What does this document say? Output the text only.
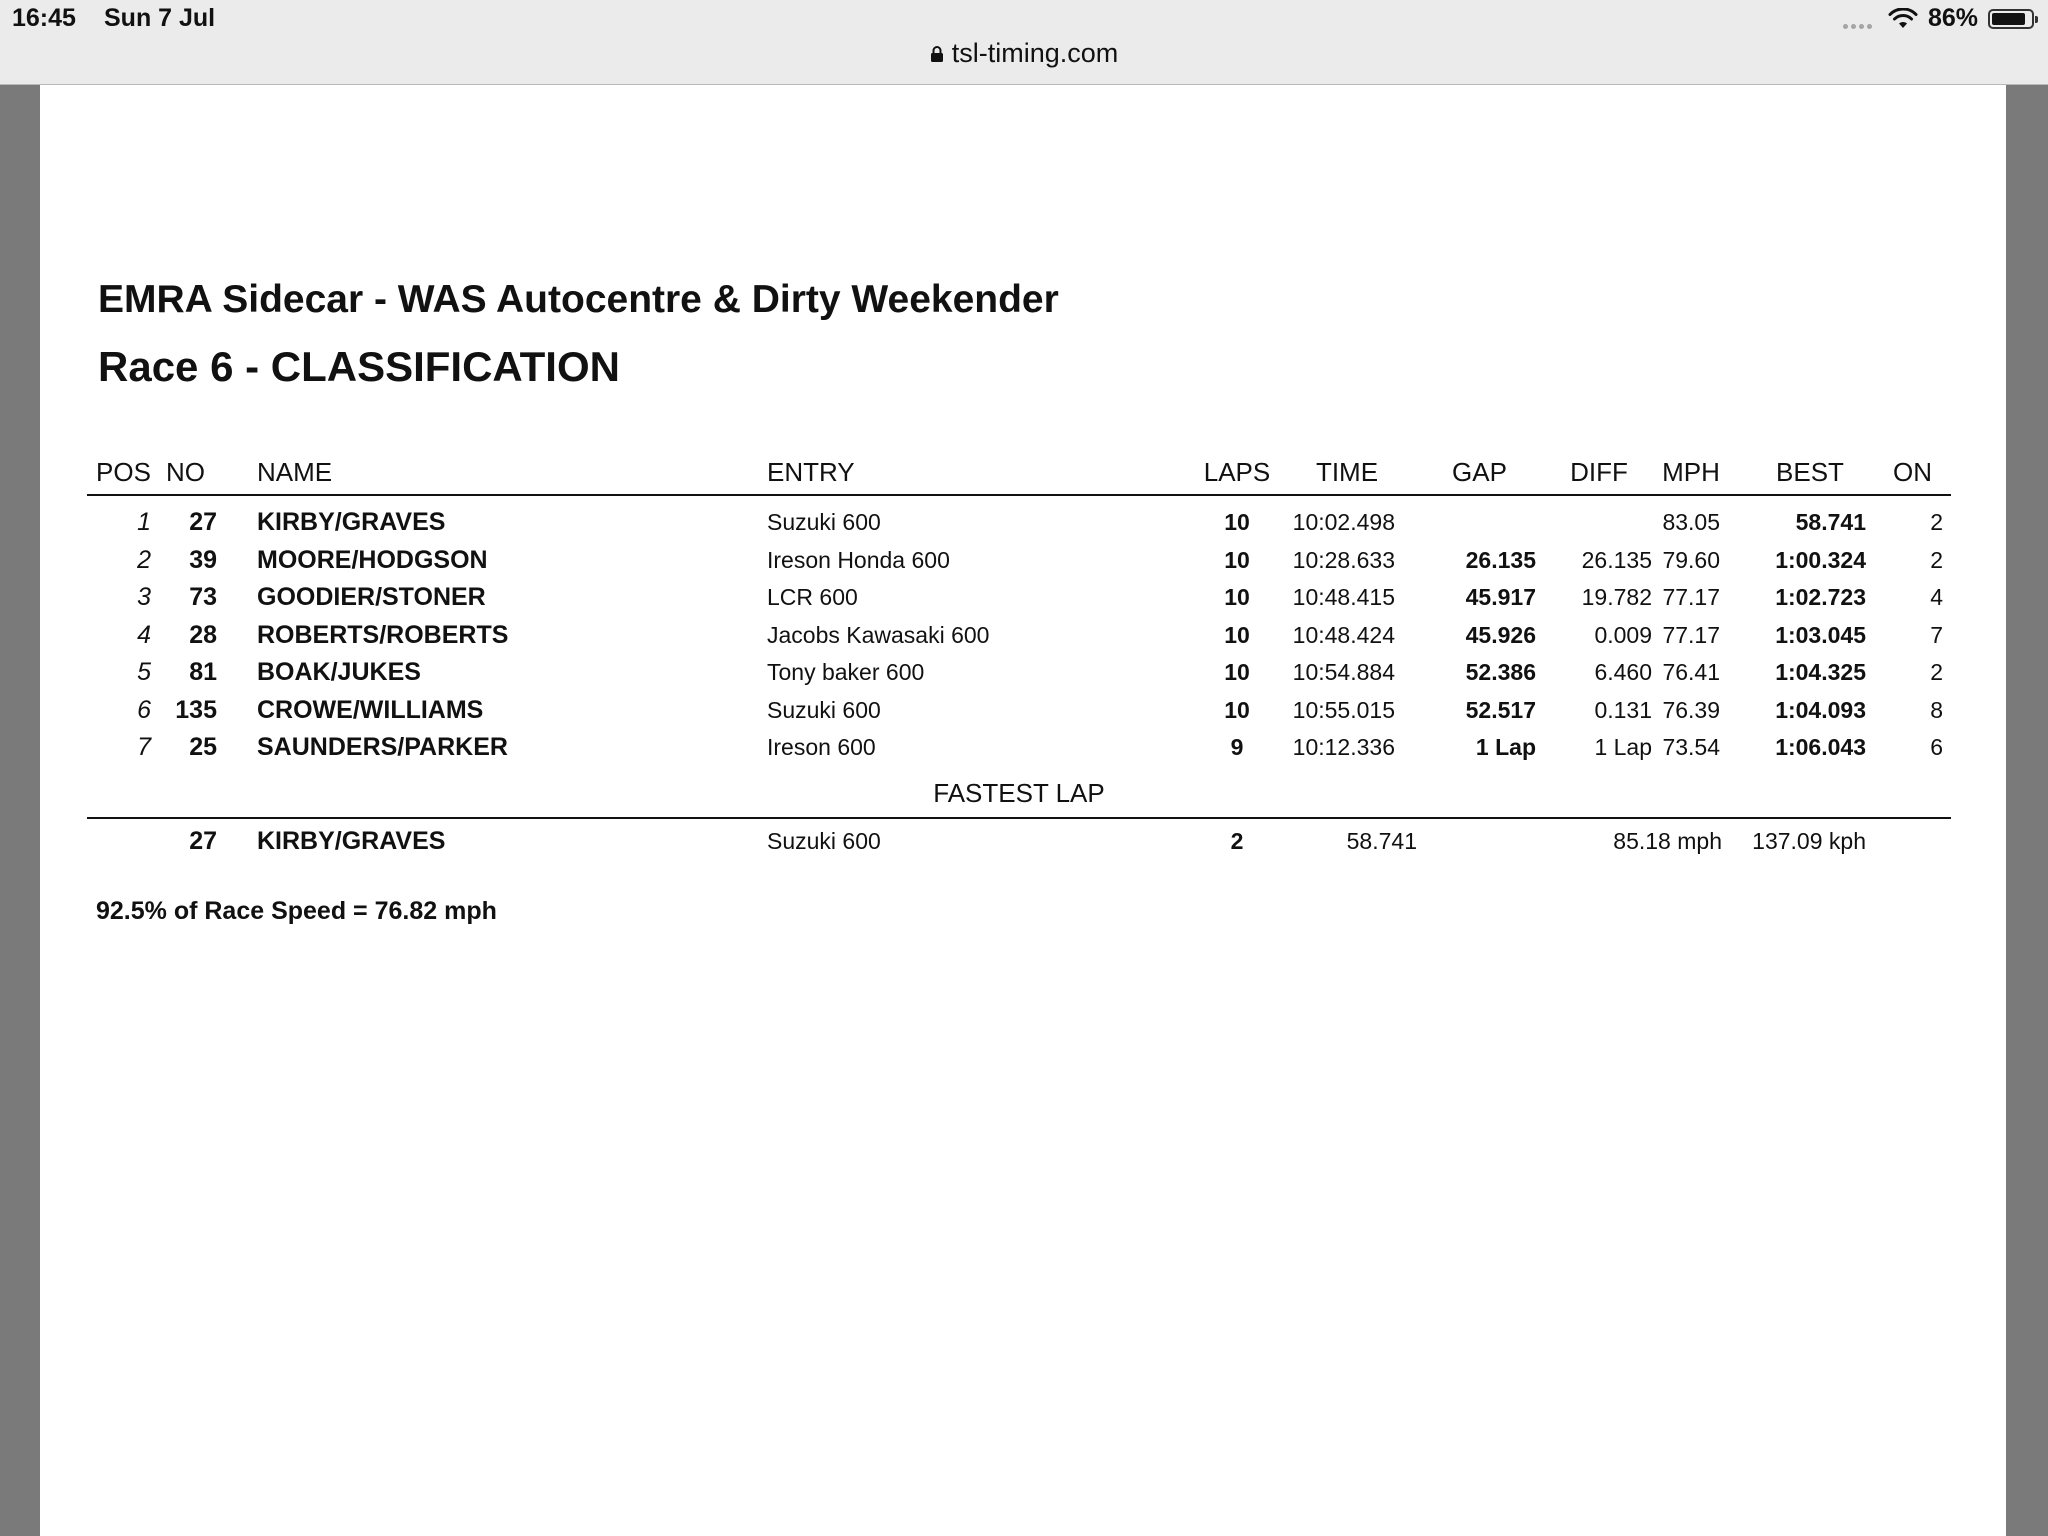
16:45 Sun 7 Jul	86%
tsl-timing.com
EMRA Sidecar - WAS Autocentre & Dirty Weekender
Race 6 - CLASSIFICATION
POS	NO	NAME	ENTRY	LAPS	TIME	GAP	DIFF	MPH	BEST	ON
1	27	KIRBY/GRAVES	Suzuki 600	10	10:02.498			83.05	58.741	2
2	39	MOORE/HODGSON	Ireson Honda 600	10	10:28.633	26.135	26.135	79.60	1:00.324	2
3	73	GOODIER/STONER	LCR 600	10	10:48.415	45.917	19.782	77.17	1:02.723	4
4	28	ROBERTS/ROBERTS	Jacobs Kawasaki 600	10	10:48.424	45.926	0.009	77.17	1:03.045	7
5	81	BOAK/JUKES	Tony baker 600	10	10:54.884	52.386	6.460	76.41	1:04.325	2
6	135	CROWE/WILLIAMS	Suzuki 600	10	10:55.015	52.517	0.131	76.39	1:04.093	8
7	25	SAUNDERS/PARKER	Ireson 600	9	10:12.336	1 Lap	1 Lap	73.54	1:06.043	6
FASTEST LAP										
	27	KIRBY/GRAVES	Suzuki 600	2	58.741	85.18 mph			137.09 kph	
92.5% of Race Speed = 76.82 mph
